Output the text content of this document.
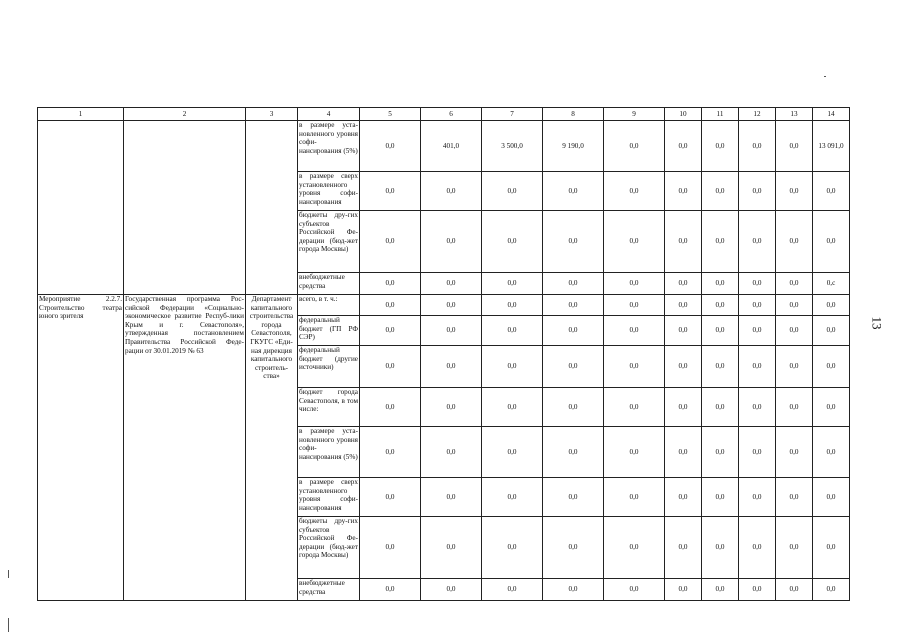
1	2	3	4	5	6	7	8	9	10	11	12	13	14
			в размере уста-новленного уровня софи-нансирования (5%)	0,0	401,0	3 500,0	9 190,0	0,0	0,0	0,0	0,0	0,0	13 091,0
			в размере сверх установленного уровня софи-нансирования	0,0	0,0	0,0	0,0	0,0	0,0	0,0	0,0	0,0	0,0
			бюджеты дру-гих субъектов Российской Фе-дерации (бюд-жет города Москвы)	0,0	0,0	0,0	0,0	0,0	0,0	0,0	0,0	0,0	0,0
			внебюджетные средства	0,0	0,0	0,0	0,0	0,0	0,0	0,0	0,0	0,0	0,с
Мероприятие 2.2.7. Строительство театра юного зрителя	Государственная программа Рос-сийской Федерации «Социально-экономическое развитие Респуб-лики Крым и г. Севастополя», утвержденная постановлением Правительства Российской Феде-рации от 30.01.2019 № 63	Департамент капитального строительства города Севастополя, ГКУГС «Еди-ная дирекция капитального строитель-ства»	всего, в т. ч.:	0,0	0,0	0,0	0,0	0,0	0,0	0,0	0,0	0,0	0,0
			федеральный бюджет (ГП РФ СЭР)	0,0	0,0	0,0	0,0	0,0	0,0	0,0	0,0	0,0	0,0
			федеральный бюджет (другие источники)	0,0	0,0	0,0	0,0	0,0	0,0	0,0	0,0	0,0	0,0
			бюджет города Севастополя, в том числе:	0,0	0,0	0,0	0,0	0,0	0,0	0,0	0,0	0,0	0,0
			в размере уста-новленного уровня софи-нансирования (5%)	0,0	0,0	0,0	0,0	0,0	0,0	0,0	0,0	0,0	0,0
			в размере сверх установленного уровня софи-нансирования	0,0	0,0	0,0	0,0	0,0	0,0	0,0	0,0	0,0	0,0
			бюджеты дру-гих субъектов Российской Фе-дерации (бюд-жет города Москвы)	0,0	0,0	0,0	0,0	0,0	0,0	0,0	0,0	0,0	0,0
			внебюджетные средства	0,0	0,0	0,0	0,0	0,0	0,0	0,0	0,0	0,0	0,0
13
